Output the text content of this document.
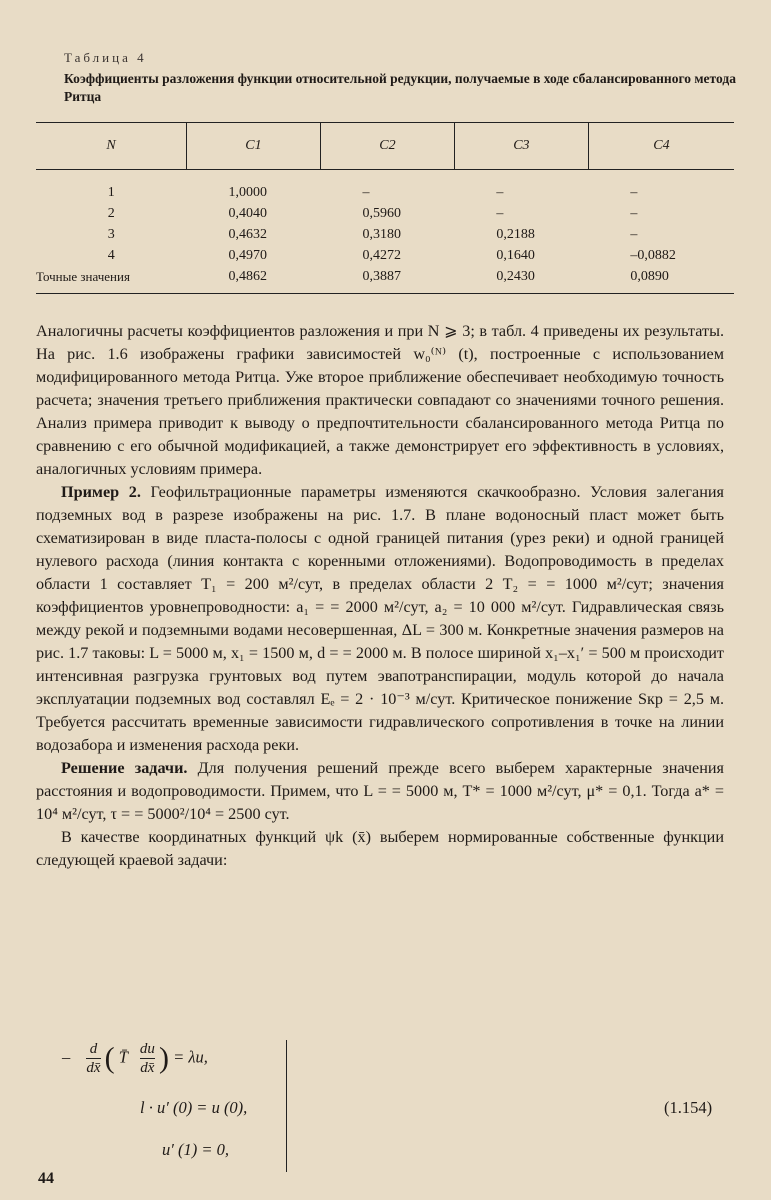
Таблица 4
Коэффициенты разложения функции относительной редукции, получаемые в ходе сбалансированного метода Ритца
N	C1	C2	C3	C4
1	1,0000	–	–	–
2	0,4040	0,5960	–	–
3	0,4632	0,3180	0,2188	–
4	0,4970	0,4272	0,1640	–0,0882
Точные значения	0,4862	0,3887	0,2430	0,0890

Аналогичны расчеты коэффициентов разложения и при N ⩾ 3; в табл. 4 приведены их результаты. На рис. 1.6 изображены графики зависимостей w₀⁽ᴺ⁾ (t), построенные с использованием модифицированного метода Ритца. Уже второе приближение обеспечивает необходимую точность расчета; значения третьего приближения практически совпадают со значениями точного решения. Анализ примера приводит к выводу о предпочтительности сбалансированного метода Ритца по сравнению с его обычной модификацией, а также демонстрирует его эффективность в условиях, аналогичных условиям примера.

Пример 2. Геофильтрационные параметры изменяются скачкообразно. Условия залегания подземных вод в разрезе изображены на рис. 1.7. В плане водоносный пласт может быть схематизирован в виде пласта-полосы с одной границей питания (урез реки) и одной границей нулевого расхода (линия контакта с коренными отложениями). Водопроводимость в пределах области 1 составляет T₁ = 200 м²/сут, в пределах области 2 T₂ = = 1000 м²/сут; значения коэффициентов уровнепроводности: a₁ = = 2000 м²/сут, a₂ = 10 000 м²/сут. Гидравлическая связь между рекой и подземными водами несовершенная, ΔL = 300 м. Конкретные значения размеров на рис. 1.7 таковы: L = 5000 м, x₁ = 1500 м, d = = 2000 м. В полосе шириной x₁–x₁′ = 500 м происходит интенсивная разгрузка грунтовых вод путем эвапотранспирации, модуль которой до начала эксплуатации подземных вод составлял Eₑ = 2 · 10⁻³ м/сут. Критическое понижение Sкр = 2,5 м. Требуется рассчитать временные зависимости гидравлического сопротивления в точке на линии водозабора и изменения расхода реки.

Решение задачи. Для получения решений прежде всего выберем характерные значения расстояния и водопроводимости. Примем, что L = = 5000 м, T* = 1000 м²/сут, μ* = 0,1. Тогда a* = 10⁴ м²/сут, τ = = 5000²/10⁴ = 2500 сут.

В качестве координатных функций ψk (x̄) выберем нормированные собственные функции следующей краевой задачи:

– $\frac{d}{dx̄}$ ( T̄ $\frac{du}{dx̄}$ ) = λu,
l · u′ (0) = u (0),
u′ (1) = 0,
(1.154)
44
